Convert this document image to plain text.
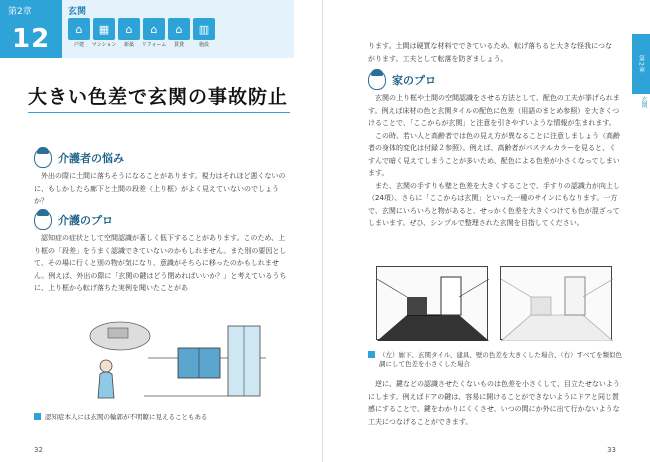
第2章
12
玄関
⌂
戸建
▦
マンション
⌂
新築
⌂
リフォーム
⌂
賃貸
▥
施設
大きい色差で玄関の事故防止
介護者の悩み

外出の際に土間に落ちそうになることがあります。視力はそれほど悪くないのに、もしかしたら廊下と土間の段差（上り框）がよく見えていないのでしょうか？

介護のプロ

認知症の症状として空間認識が著しく低下することがあります。このため、上り框の「段差」をうまく認識できていないのかもしれません。また別の要因として、その場に行くと別の物が気になり、意識がそちらに移ったのかもしれません。例えば、外出の際に「玄関の鍵はどう閉めればいいか？」と考えているうちに、上り框から転げ落ちた実例を聞いたことがあ

認知症本人には玄関の輪郭が不明瞭に見えることもある
32
第2章
玄関

ります。土間は硬質な材料でできているため、転げ落ちると大きな怪我につながります。工夫として転落を防ぎましょう。

家のプロ

玄関の上り框や土間の空間認識をさせる方法として、配色の工夫が挙げられます。例えば床材の色と玄関タイルの配色に色差（用語のまとめ参照）を大きくつけることで、「ここからが玄関」と注意を引きやすいような情報が生まれます。

この時、若い人と高齢者では色の見え方が異なることに注意しましょう（高齢者の身体的変化は付録２参照）。例えば、高齢者がパステルカラーを見ると、くすんで暗く見えてしまうことが多いため、配色による色差が小さくなってしまいます。

また、玄関の手すりも壁と色差を大きくすることで、手すりの認識力が向上し（24項）、さらに「ここからは玄関」といった一種のサインにもなります。一方で、玄関にいろいろと物があると、せっかく色差を大きくつけても色が混ざってしまいます。ぜひ、シンプルで整理された玄関を目指してください。

（左）廊下、玄関タイル、建具、壁の色差を大きくした場合、（右）すべてを類似色調にして色差を小さくした場合

逆に、鍵などの認識させたくないものは色差を小さくして、目立たせないようにします。例えばドアの鍵は、容易に開けることができないようにドアと同じ質感にすることで、鍵をわかりにくくさせ、いつの間にか外に出て行かないような工夫につなげることができます。

33
